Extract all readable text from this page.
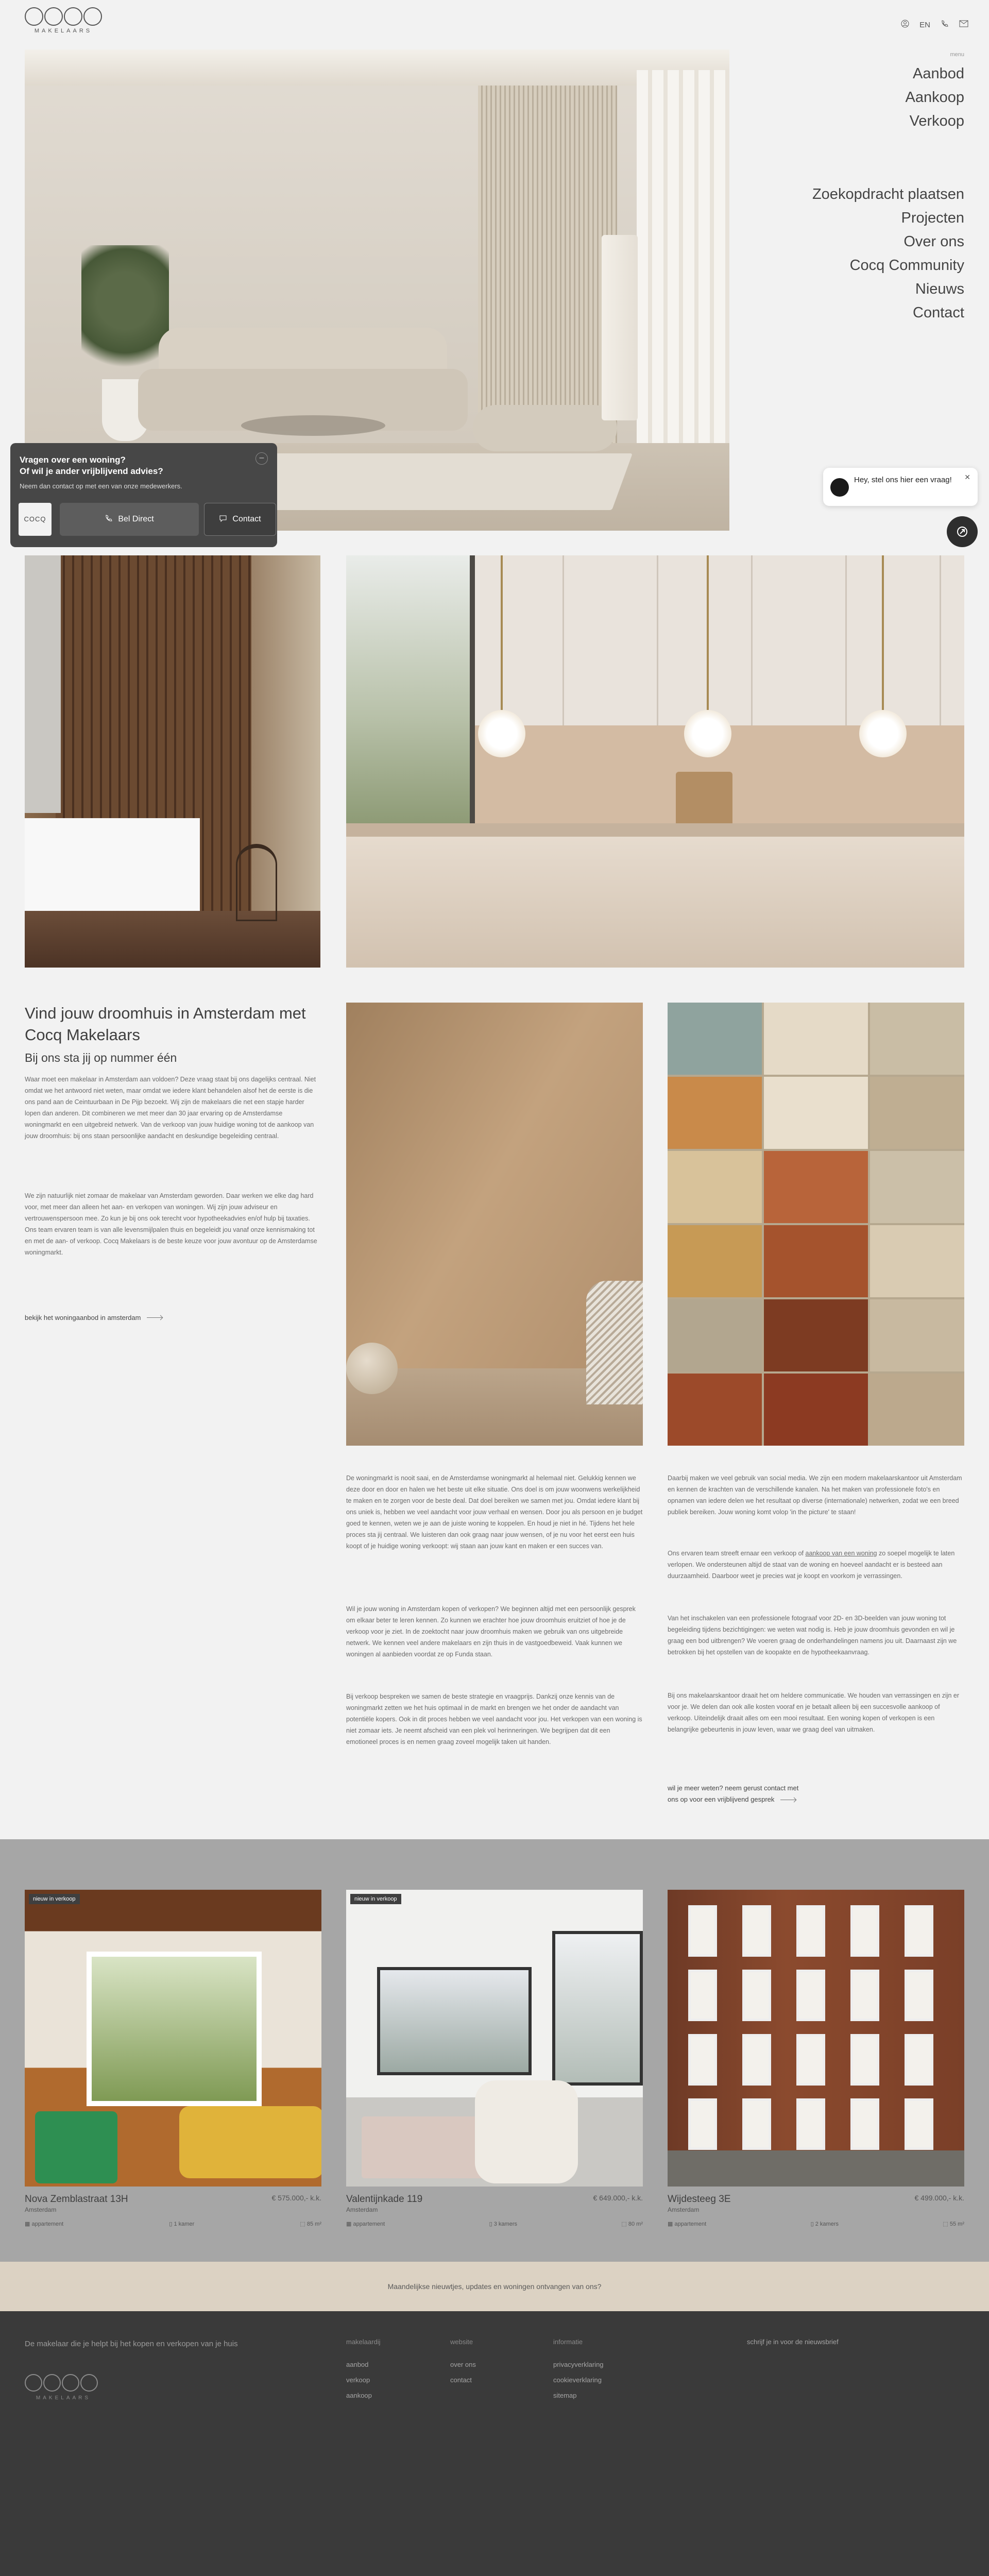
MAKELAARS
EN
menu
Aanbod
Aankoop
Verkoop
Zoekopdracht plaatsen
Projecten
Over ons
Cocq Community
Nieuws
Contact
Vragen over een woning?
Of wil je ander vrijblijvend advies?
Neem dan contact op met een van onze medewerkers.
–
COCQ	Bel Direct	Contact
Hey, stel ons hier een vraag! ✕
Vind jouw droomhuis in Amsterdam met Cocq Makelaars
Bij ons sta jij op nummer één

Waar moet een makelaar in Amsterdam aan voldoen? Deze vraag staat bij ons dagelijks centraal. Niet omdat we het antwoord niet weten, maar omdat we iedere klant behandelen alsof het de eerste is die ons pand aan de Ceintuurbaan in De Pijp bezoekt. Wij zijn de makelaars die net een stapje harder lopen dan anderen. Dit combineren we met meer dan 30 jaar ervaring op de Amsterdamse woningmarkt en een uitgebreid netwerk. Van de verkoop van jouw huidige woning tot de aankoop van jouw droomhuis: bij ons staan persoonlijke aandacht en deskundige begeleiding centraal.

We zijn natuurlijk niet zomaar de makelaar van Amsterdam geworden. Daar werken we elke dag hard voor, met meer dan alleen het aan- en verkopen van woningen. Wij zijn jouw adviseur en vertrouwenspersoon mee. Zo kun je bij ons ook terecht voor hypotheekadvies en/of hulp bij taxaties. Ons team ervaren team is van alle levensmijlpalen thuis en begeleidt jou vanaf onze kennismaking tot en met de aan- of verkoop. Cocq Makelaars is de beste keuze voor jouw avontuur op de Amsterdamse woningmarkt.

bekijk het woningaanbod in amsterdam

De woningmarkt is nooit saai, en de Amsterdamse woningmarkt al helemaal niet. Gelukkig kennen we deze door en door en halen we het beste uit elke situatie. Ons doel is om jouw woonwens werkelijkheid te maken en te zorgen voor de beste deal. Dat doel bereiken we samen met jou. Omdat iedere klant bij ons uniek is, hebben we veel aandacht voor jouw verhaal en wensen. Door jou als persoon en je budget goed te kennen, weten we je aan de juiste woning te koppelen. En houd je niet in hé. Tijdens het hele proces sta jij centraal. We luisteren dan ook graag naar jouw wensen, of je nu voor het eerst een huis koopt of je huidige woning verkoopt: wij staan aan jouw kant en maken er een succes van.

Wil je jouw woning in Amsterdam kopen of verkopen? We beginnen altijd met een persoonlijk gesprek om elkaar beter te leren kennen. Zo kunnen we erachter hoe jouw droomhuis eruitziet of hoe je de verkoop voor je ziet. In de zoektocht naar jouw droomhuis maken we gebruik van ons uitgebreide netwerk. We kennen veel andere makelaars en zijn thuis in de vastgoedbeweid. Vaak kunnen we woningen al aanbieden voordat ze op Funda staan.

Bij verkoop bespreken we samen de beste strategie en vraagprijs. Dankzij onze kennis van de woningmarkt zetten we het huis optimaal in de markt en brengen we het onder de aandacht van potentiële kopers. Ook in dit proces hebben we veel aandacht voor jou. Het verkopen van een woning is niet zomaar iets. Je neemt afscheid van een plek vol herinneringen. We begrijpen dat dit een emotioneel proces is en nemen graag zoveel mogelijk taken uit handen.

Daarbij maken we veel gebruik van social media. We zijn een modern makelaarskantoor uit Amsterdam en kennen de krachten van de verschillende kanalen. Na het maken van professionele foto's en opnamen van iedere delen we het resultaat op diverse (internationale) netwerken, zodat we een breed publiek bereiken. Jouw woning komt volop 'in the picture' te staan!

Ons ervaren team streeft ernaar een verkoop of aankoop van een woning zo soepel mogelijk te laten verlopen. We ondersteunen altijd de staat van de woning en hoeveel aandacht er is besteed aan duurzaamheid. Daarboor weet je precies wat je koopt en voorkom je verrassingen.

Van het inschakelen van een professionele fotograaf voor 2D- en 3D-beelden van jouw woning tot begeleiding tijdens bezichtigingen: we weten wat nodig is. Heb je jouw droomhuis gevonden en wil je graag een bod uitbrengen? We voeren graag de onderhandelingen namens jou uit. Daarnaast zijn we betrokken bij het opstellen van de koopakte en de hypotheekaanvraag.

Bij ons makelaarskantoor draait het om heldere communicatie. We houden van verrassingen en zijn er voor je. We delen dan ook alle kosten vooraf en je betaalt alleen bij een succesvolle aankoop of verkoop. Uiteindelijk draait alles om een mooi resultaat. Een woning kopen of verkopen is een belangrijke gebeurtenis in jouw leven, waar we graag deel van uitmaken.

wil je meer weten? neem gerust contact met
ons op voor een vrijblijvend gesprek
nieuw in verkoop
Nova Zemblastraat 13H	€ 575.000,- k.k.
Amsterdam
▦ appartement	▯ 1 kamer	⬚ 85 m²
nieuw in verkoop
Valentijnkade 119	€ 649.000,- k.k.
Amsterdam
▦ appartement	▯ 3 kamers	⬚ 80 m²
Wijdesteeg 3E	€ 499.000,- k.k.
Amsterdam
▦ appartement	▯ 2 kamers	⬚ 55 m²
Maandelijkse nieuwtjes, updates en woningen ontvangen van ons?
De makelaar die je helpt bij het kopen en verkopen van je huis
MAKELAARS
makelaardij
aanbod
verkoop
aankoop
website
over ons
contact
informatie
privacyverklaring
cookieverklaring
sitemap
schrijf je in voor de nieuwsbrief
